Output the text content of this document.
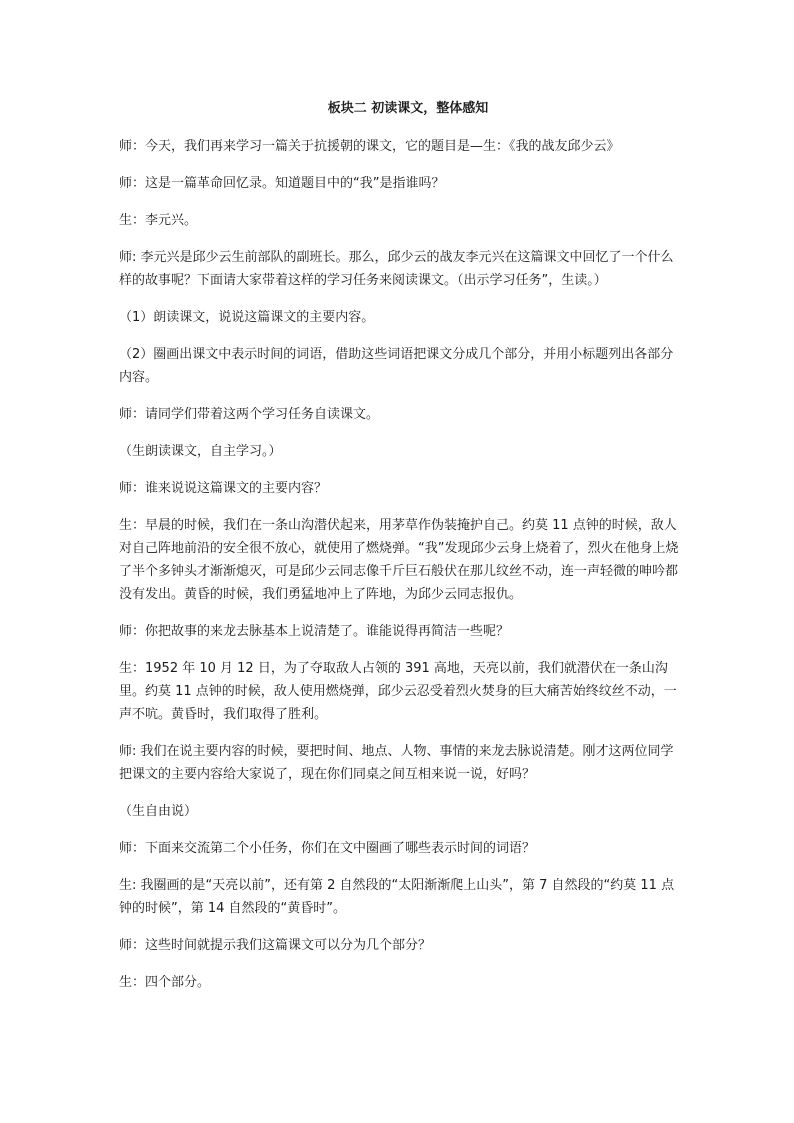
板块二 初读课文，整体感知

师：今天，我们再来学习一篇关于抗援朝的课文，它的题目是—生：《我的战友邱少云》

师：这是一篇革命回忆录。知道题目中的“我”是指谁吗？

生：李元兴。

师: 李元兴是邱少云生前部队的副班长。那么，邱少云的战友李元兴在这篇课文中回忆了一个什么样的故事呢？下面请大家带着这样的学习任务来阅读课文。（出示学习任务”，生读。）

（1）朗读课文，说说这篇课文的主要内容。

（2）圈画出课文中表示时间的词语，借助这些词语把课文分成几个部分，并用小标题列出各部分内容。

师：请同学们带着这两个学习任务自读课文。

（生朗读课文，自主学习。）

师：谁来说说这篇课文的主要内容？

生：早晨的时候，我们在一条山沟潜伏起来，用茅草作伪装掩护自己。约莫 11 点钟的时候，敌人对自己阵地前沿的安全很不放心，就使用了燃烧弹。“我”发现邱少云身上烧着了，烈火在他身上烧了半个多钟头才渐渐熄灭，可是邱少云同志像千斤巨石般伏在那儿纹丝不动，连一声轻微的呻吟都没有发出。黄昏的时候，我们勇猛地冲上了阵地，为邱少云同志报仇。

师：你把故事的来龙去脉基本上说清楚了。谁能说得再简洁一些呢？

生：1952 年 10 月 12 日，为了夺取敌人占领的 391 高地，天亮以前，我们就潜伏在一条山沟里。约莫 11 点钟的时候，敌人使用燃烧弹，邱少云忍受着烈火焚身的巨大痛苦始终纹丝不动，一声不吭。黄昏时，我们取得了胜利。

师: 我们在说主要内容的时候，要把时间、地点、人物、事情的来龙去脉说清楚。刚才这两位同学把课文的主要内容给大家说了，现在你们同桌之间互相来说一说，好吗？

（生自由说）

师：下面来交流第二个小任务，你们在文中圈画了哪些表示时间的词语？

生: 我圈画的是“天亮以前”，还有第 2 自然段的“太阳渐渐爬上山头”，第 7 自然段的“约莫 11 点钟的时候”，第 14 自然段的“黄昏时”。

师：这些时间就提示我们这篇课文可以分为几个部分？

生：四个部分。
